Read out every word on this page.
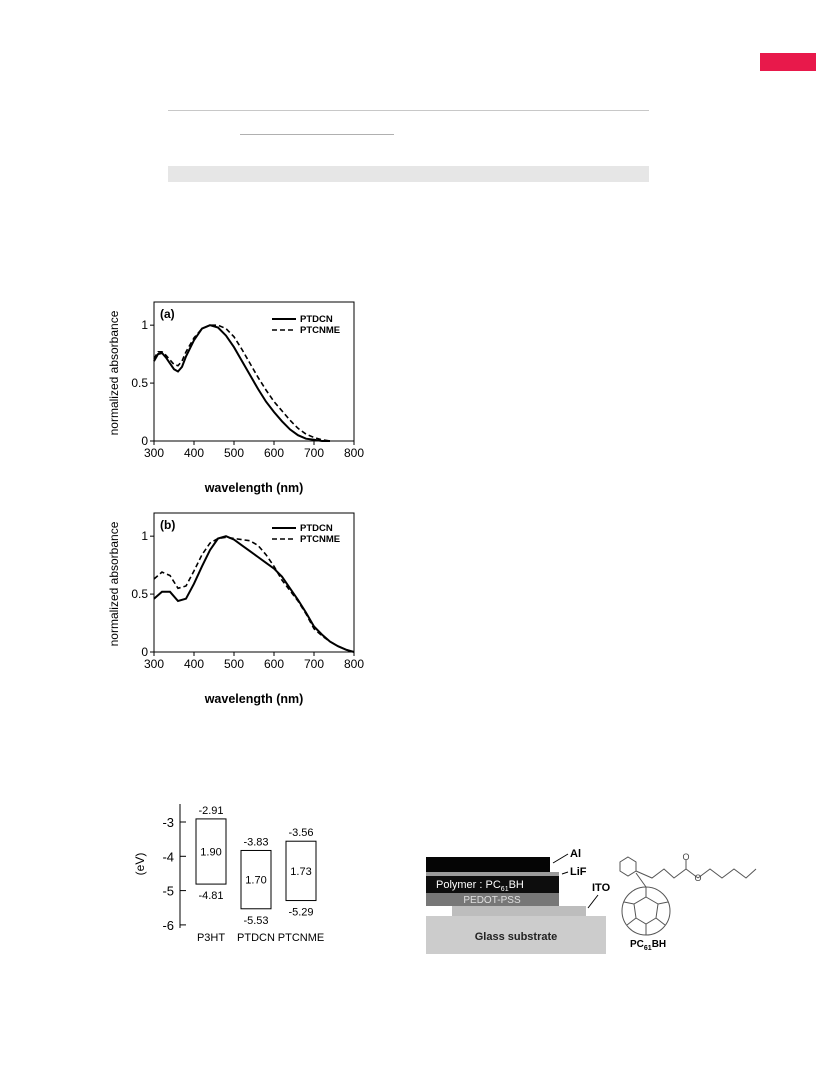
(a)	PTDCN
PTCNME
300 400 500 600 700 800
0
0.5
1
wavelength (nm)
normalized absorbance
(b)	PTDCN
PTCNME
300 400 500 600 700 800
0
0.5
1
wavelength (nm)
normalized absorbance
-3
-4
-5
-6
(eV)
-2.91
-4.81
1.90
P3HT
-3.83
-5.53
1.70
PTDCN
-3.56
-5.29
1.73
PTCNME	Glass substrate
PEDOT-PSS
Polymer : $PC_{61}BH$
Al
LiF
ITO
O
O
$PC_{61}BH$
